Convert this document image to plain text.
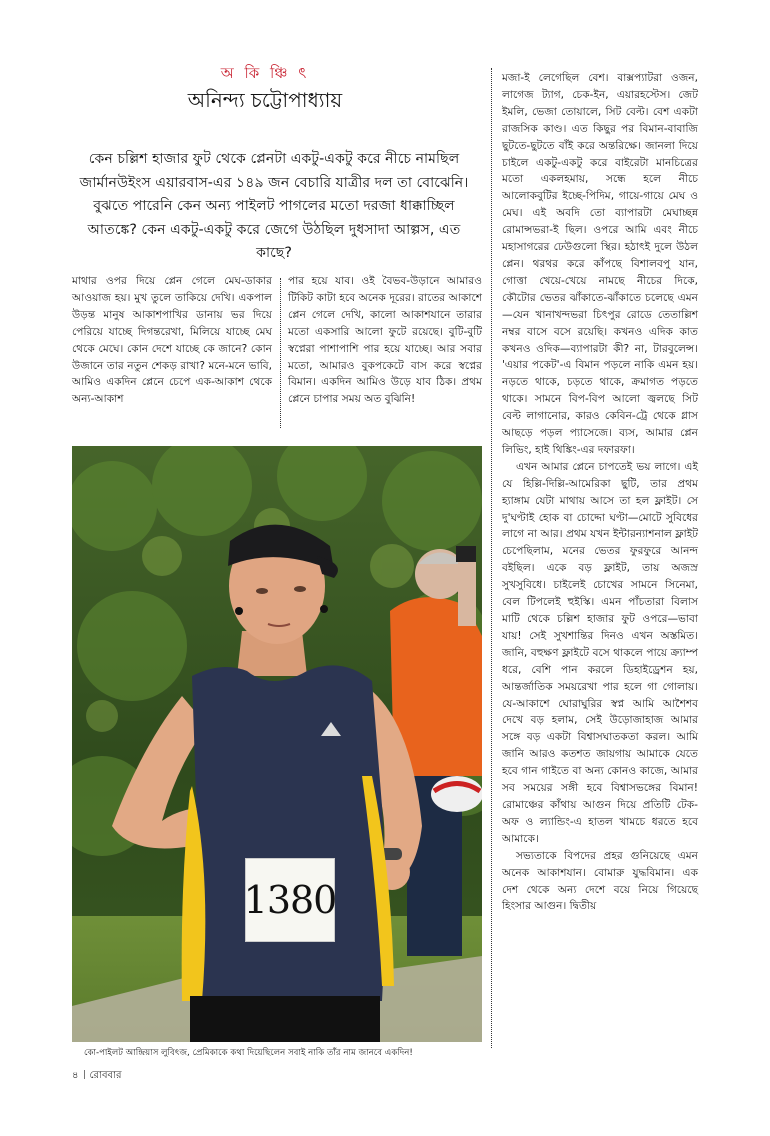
অ কি ঞ্চি ৎ
অনিন্দ্য চট্টোপাধ্যায়
কেন চল্লিশ হাজার ফুট থেকে প্লেনটা একটু-একটু করে নীচে নামছিল জার্মানউইংস এয়ারবাস-এর ১৪৯ জন বেচারি যাত্রীর দল তা বোঝেনি। বুঝতে পারেনি কেন অন্য পাইলট পাগলের মতো দরজা ধাক্কাচ্ছিল আতঙ্কে? কেন একটু-একটু করে জেগে উঠছিল দুধসাদা আল্পস, এত কাছে?

মাথার ওপর দিয়ে প্লেন গেলে মেঘ-ডাকার আওয়াজ হয়। মুখ তুলে তাকিয়ে দেখি। একপাল উড়ন্ত মানুষ আকাশপাখির ডানায় ভর দিয়ে পেরিয়ে যাচ্ছে দিগন্তরেখা, মিলিয়ে যাচ্ছে মেঘ থেকে মেঘে। কোন দেশে যাচ্ছে কে জানে? কোন উজানে তার নতুন শেকড় রাখা? মনে-মনে ভাবি, আমিও একদিন প্লেনে চেপে এক-আকাশ থেকে অন্য-আকাশ

পার হয়ে যাব। ওই বৈভব-উড়ানে আমারও টিকিট কাটা হবে অনেক দূরের। রাতের আকাশে প্লেন গেলে দেখি, কালো আকাশযানে তারার মতো একসারি আলো ফুটে রয়েছে। বুটি-বুটি স্বপ্নেরা পাশাপাশি পার হয়ে যাচ্ছে। আর সবার মতো, আমারও বুকপকেটে বাস করে স্বপ্নের বিমান। একদিন আমিও উড়ে যাব ঠিক। প্রথম প্লেনে চাপার সময় অত বুঝিনি!

মজা-ই লেগেছিল বেশ। বাক্সপ্যাটরা ওজন, লাগেজ ট্যাগ, চেক-ইন, এয়ারহস্টেস। জেট ইমলি, ভেজা তোয়ালে, সিট বেল্ট। বেশ একটা রাজসিক কাণ্ড। এত কিছুর পর বিমান-বাবাজি ছুটতে-ছুটতে বাঁই করে অন্তরিক্ষে। জানলা দিয়ে চাইলে একটু-একটু করে বাইরেটা মানচিত্রের মতো একলহমায়, সন্ধে হলে নীচে আলোকবুটির ইচ্ছে-পিদিম, গায়ে-গায়ে মেঘ ও মেঘ। এই অবদি তো ব্যাপারটা মেঘাচ্ছন্ন রোমান্সভরা-ই ছিল। ওপরে আমি এবং নীচে মহাসাগরের ঢেউগুলো স্থির। হঠাৎই দুলে উঠল প্লেন। থরথর করে কাঁপছে বিশালবপু যান, গোত্তা খেয়ে-খেয়ে নামছে নীচের দিকে, কৌটোর ভেতর ঝাঁকাতে-ঝাঁকাতে চলেছে এমন—যেন খানাখন্দভরা চিৎপুর রোডে তেতাল্লিশ নম্বর বাসে বসে রয়েছি। কখনও এদিক কাত কখনও ওদিক—ব্যাপারটা কী? না, টারবুলেন্স। 'এয়ার পকেট'-এ বিমান পড়লে নাকি এমন হয়। নড়তে থাকে, চড়তে থাকে, ক্রমাগত পড়তে থাকে। সামনে বিপ-বিপ আলো জ্বলছে সিট বেল্ট লাগানোর, কারও কেবিন-ট্রে থেকে গ্লাস আছড়ে পড়ল প্যাসেজে। ব্যস, আমার প্লেন লিভিং, হাই থিঙ্কিং-এর দফারফা।

এখন আমার প্লেনে চাপতেই ভয় লাগে। এই যে হিল্লি-দিল্লি-আমেরিকা ছুটি, তার প্রথম হ্যাঙ্গাম যেটা মাথায় আসে তা হল ফ্লাইট। সে দু'ঘণ্টাই হোক বা চোদ্দো ঘণ্টা—মোটে সুবিধের লাগে না আর। প্রথম যখন ইন্টারন্যাশনাল ফ্লাইট চেপেছিলাম, মনের ভেতর ফুরফুরে আনন্দ বইছিল। একে বড় ফ্লাইট, তায় অজস্র সুখসুবিধে। চাইলেই চোখের সামনে সিনেমা, বেল টিপলেই হুইস্কি। এমন পাঁচতারা বিলাস মাটি থেকে চল্লিশ হাজার ফুট ওপরে—ভাবা যায়! সেই সুখশান্তির দিনও এখন অস্তমিত। জানি, বহুক্ষণ ফ্লাইটে বসে থাকলে পায়ে ক্র্যাম্প ধরে, বেশি পান করলে ডিহাইড্রেশন হয়, আন্তর্জাতিক সময়রেখা পার হলে গা গোলায়। যে-আকাশে ঘোরাঘুরির স্বপ্ন আমি আশৈশব দেখে বড় হলাম, সেই উড়োজাহাজ আমার সঙ্গে বড় একটা বিশ্বাসঘাতকতা করল। আমি জানি আরও কতশত জায়গায় আমাকে যেতে হবে গান গাইতে বা অন্য কোনও কাজে, আমার সব সময়ের সঙ্গী হবে বিশ্বাসভঙ্গের বিমান! রোমাঞ্চের কাঁথায় আগুন দিয়ে প্রতিটি টেক-অফ ও ল্যান্ডিং-এ হাতল খামচে ধরতে হবে আমাকে।

সভ্যতাকে বিপদের প্রহর গুনিয়েছে এমন অনেক আকাশযান। বোমারু যুদ্ধবিমান। এক দেশ থেকে অন্য দেশে বয়ে নিয়ে গিয়েছে হিংসার আগুন। দ্বিতীয়

1380
কো-পাইলট আন্দ্রিয়াস লুবিৎজ, প্রেমিকাকে কথা দিয়েছিলেন সবাই নাকি তাঁর নাম জানবে একদিন!
৪ রোববার
